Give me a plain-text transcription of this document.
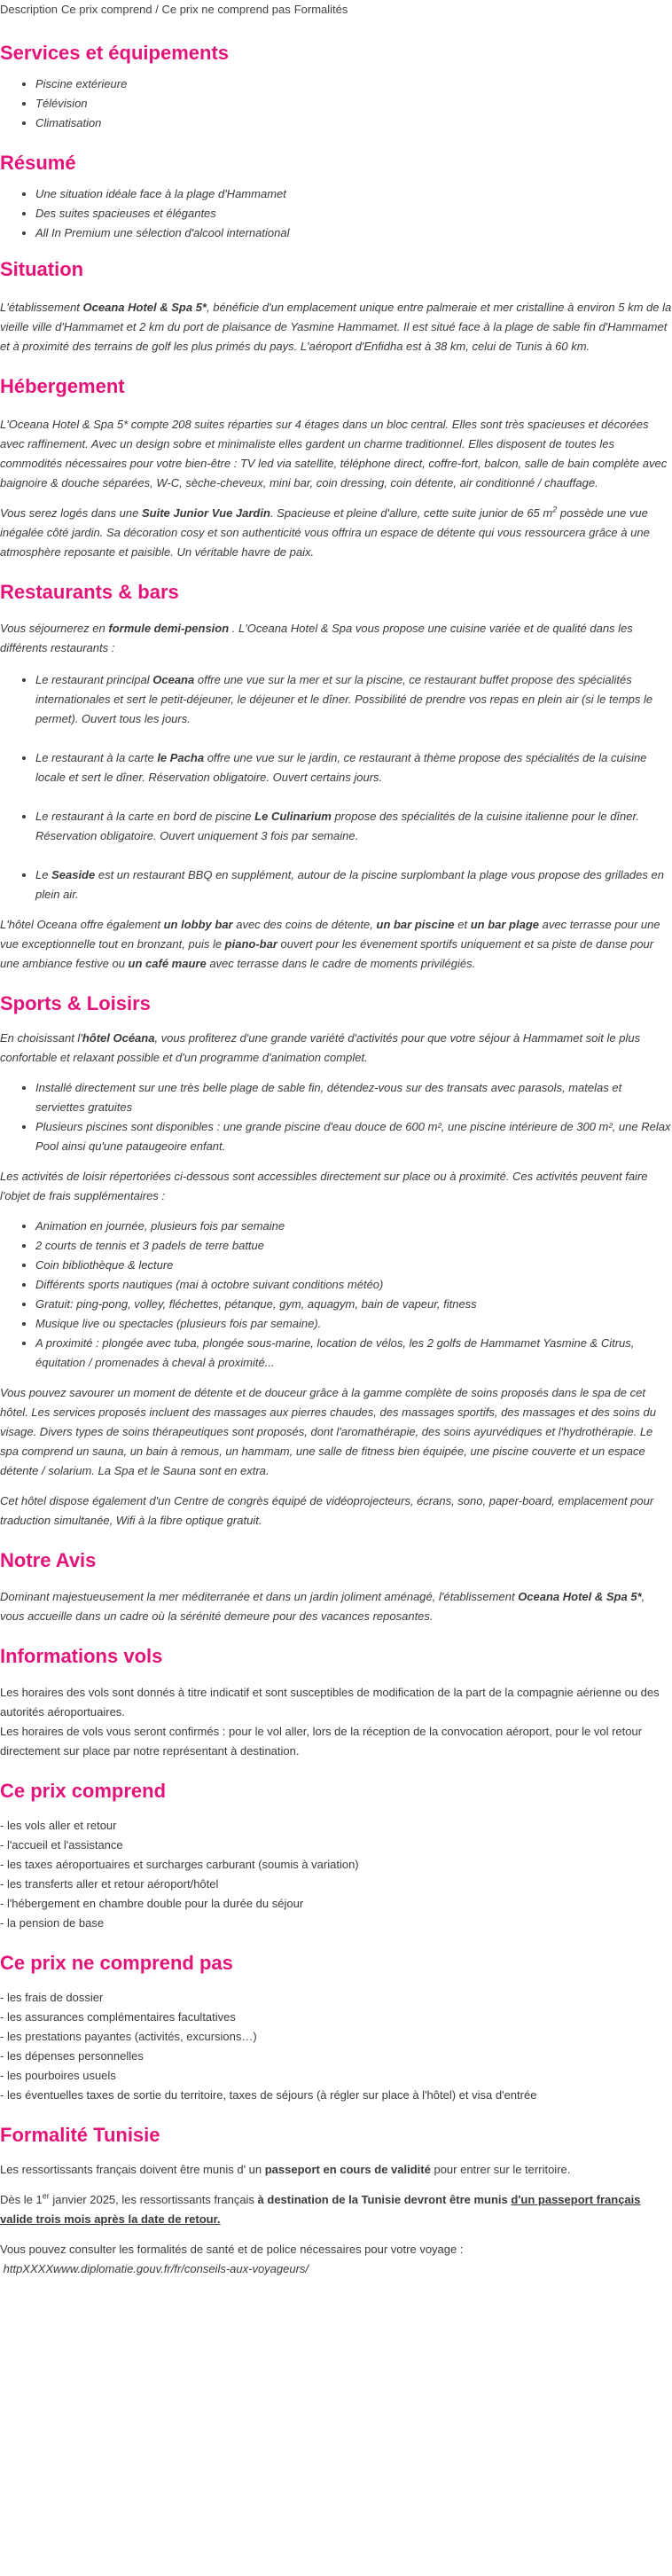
Description Ce prix comprend / Ce prix ne comprend pas Formalités
Services et équipements
• Piscine extérieure
• Télévision
• Climatisation
Résumé
• Une situation idéale face à la plage d'Hammamet
• Des suites spacieuses et élégantes
• All In Premium une sélection d'alcool international
Situation

L'établissement Oceana Hotel & Spa 5*, bénéficie d'un emplacement unique entre palmeraie et mer cristalline à environ 5 km de la vieille ville d'Hammamet et 2 km du port de plaisance de Yasmine Hammamet. Il est situé face à la plage de sable fin d'Hammamet et à proximité des terrains de golf les plus primés du pays. L'aéroport d'Enfidha est à 38 km, celui de Tunis à 60 km.

Hébergement

L'Oceana Hotel & Spa 5* compte 208 suites réparties sur 4 étages dans un bloc central. Elles sont très spacieuses et décorées avec raffinement. Avec un design sobre et minimaliste elles gardent un charme traditionnel. Elles disposent de toutes les commodités nécessaires pour votre bien-être : TV led via satellite, téléphone direct, coffre-fort, balcon, salle de bain complète avec baignoire & douche séparées, W-C, sèche-cheveux, mini bar, coin dressing, coin détente, air conditionné / chauffage.

Vous serez logés dans une Suite Junior Vue Jardin. Spacieuse et pleine d'allure, cette suite junior de 65 $m^2$ possède une vue inégalée côté jardin. Sa décoration cosy et son authenticité vous offrira un espace de détente qui vous ressourcera grâce à une atmosphère reposante et paisible. Un véritable havre de paix.

Restaurants & bars

Vous séjournerez en formule demi-pension . L'Oceana Hotel & Spa vous propose une cuisine variée et de qualité dans les différents restaurants :

• Le restaurant principal Oceana offre une vue sur la mer et sur la piscine, ce restaurant buffet propose des spécialités internationales et sert le petit-déjeuner, le déjeuner et le dîner. Possibilité de prendre vos repas en plein air (si le temps le permet). Ouvert tous les jours.
• Le restaurant à la carte le Pacha offre une vue sur le jardin, ce restaurant à thème propose des spécialités de la cuisine locale et sert le dîner. Réservation obligatoire. Ouvert certains jours.
• Le restaurant à la carte en bord de piscine Le Culinarium propose des spécialités de la cuisine italienne pour le dîner. Réservation obligatoire. Ouvert uniquement 3 fois par semaine.
• Le Seaside est un restaurant BBQ en supplément, autour de la piscine surplombant la plage vous propose des grillades en plein air.

L'hôtel Oceana offre également un lobby bar avec des coins de détente, un bar piscine et un bar plage avec terrasse pour une vue exceptionnelle tout en bronzant, puis le piano-bar ouvert pour les évenement sportifs uniquement et sa piste de danse pour une ambiance festive ou un café maure avec terrasse dans le cadre de moments privilégiés.

Sports & Loisirs

En choisissant l'hôtel Océana, vous profiterez d'une grande variété d'activités pour que votre séjour à Hammamet soit le plus confortable et relaxant possible et d'un programme d'animation complet.

• Installé directement sur une très belle plage de sable fin, détendez-vous sur des transats avec parasols, matelas et serviettes gratuites
• Plusieurs piscines sont disponibles : une grande piscine d'eau douce de 600 m², une piscine intérieure de 300 m², une Relax Pool ainsi qu'une pataugeoire enfant.

Les activités de loisir répertoriées ci-dessous sont accessibles directement sur place ou à proximité. Ces activités peuvent faire l'objet de frais supplémentaires :

• Animation en journée, plusieurs fois par semaine
• 2 courts de tennis et 3 padels de terre battue
• Coin bibliothèque & lecture
• Différents sports nautiques (mai à octobre suivant conditions météo)
• Gratuit: ping-pong, volley, fléchettes, pétanque, gym, aquagym, bain de vapeur, fitness
• Musique live ou spectacles (plusieurs fois par semaine).
• A proximité : plongée avec tuba, plongée sous-marine, location de vélos, les 2 golfs de Hammamet Yasmine & Citrus, équitation / promenades à cheval à proximité...

Vous pouvez savourer un moment de détente et de douceur grâce à la gamme complète de soins proposés dans le spa de cet hôtel. Les services proposés incluent des massages aux pierres chaudes, des massages sportifs, des massages et des soins du visage. Divers types de soins thérapeutiques sont proposés, dont l'aromathérapie, des soins ayurvédiques et l'hydrothérapie. Le spa comprend un sauna, un bain à remous, un hammam, une salle de fitness bien équipée, une piscine couverte et un espace détente / solarium. La Spa et le Sauna sont en extra.

Cet hôtel dispose également d'un Centre de congrès équipé de vidéoprojecteurs, écrans, sono, paper-board, emplacement pour traduction simultanée, Wifi à la fibre optique gratuit.

Notre Avis

Dominant majestueusement la mer méditerranée et dans un jardin joliment aménagé, l'établissement Oceana Hotel & Spa 5*, vous accueille dans un cadre où la sérénité demeure pour des vacances reposantes.

Informations vols

Les horaires des vols sont donnés à titre indicatif et sont susceptibles de modification de la part de la compagnie aérienne ou des autorités aéroportuaires.
Les horaires de vols vous seront confirmés : pour le vol aller, lors de la réception de la convocation aéroport, pour le vol retour directement sur place par notre représentant à destination.

Ce prix comprend
- les vols aller et retour
- l'accueil et l'assistance
- les taxes aéroportuaires et surcharges carburant (soumis à variation)
- les transferts aller et retour aéroport/hôtel
- l'hébergement en chambre double pour la durée du séjour
- la pension de base
Ce prix ne comprend pas
- les frais de dossier
- les assurances complémentaires facultatives
- les prestations payantes (activités, excursions…)
- les dépenses personnelles
- les pourboires usuels
- les éventuelles taxes de sortie du territoire, taxes de séjours (à régler sur place à l'hôtel) et visa d'entrée
Formalité Tunisie

Les ressortissants français doivent être munis d' un passeport en cours de validité pour entrer sur le territoire.

Dès le 1er janvier 2025, les ressortissants français à destination de la Tunisie devront être munis d'un passeport français valide trois mois après la date de retour.

Vous pouvez consulter les formalités de santé et de police nécessaires pour votre voyage :
httpXXXXwww.diplomatie.gouv.fr/fr/conseils-aux-voyageurs/
